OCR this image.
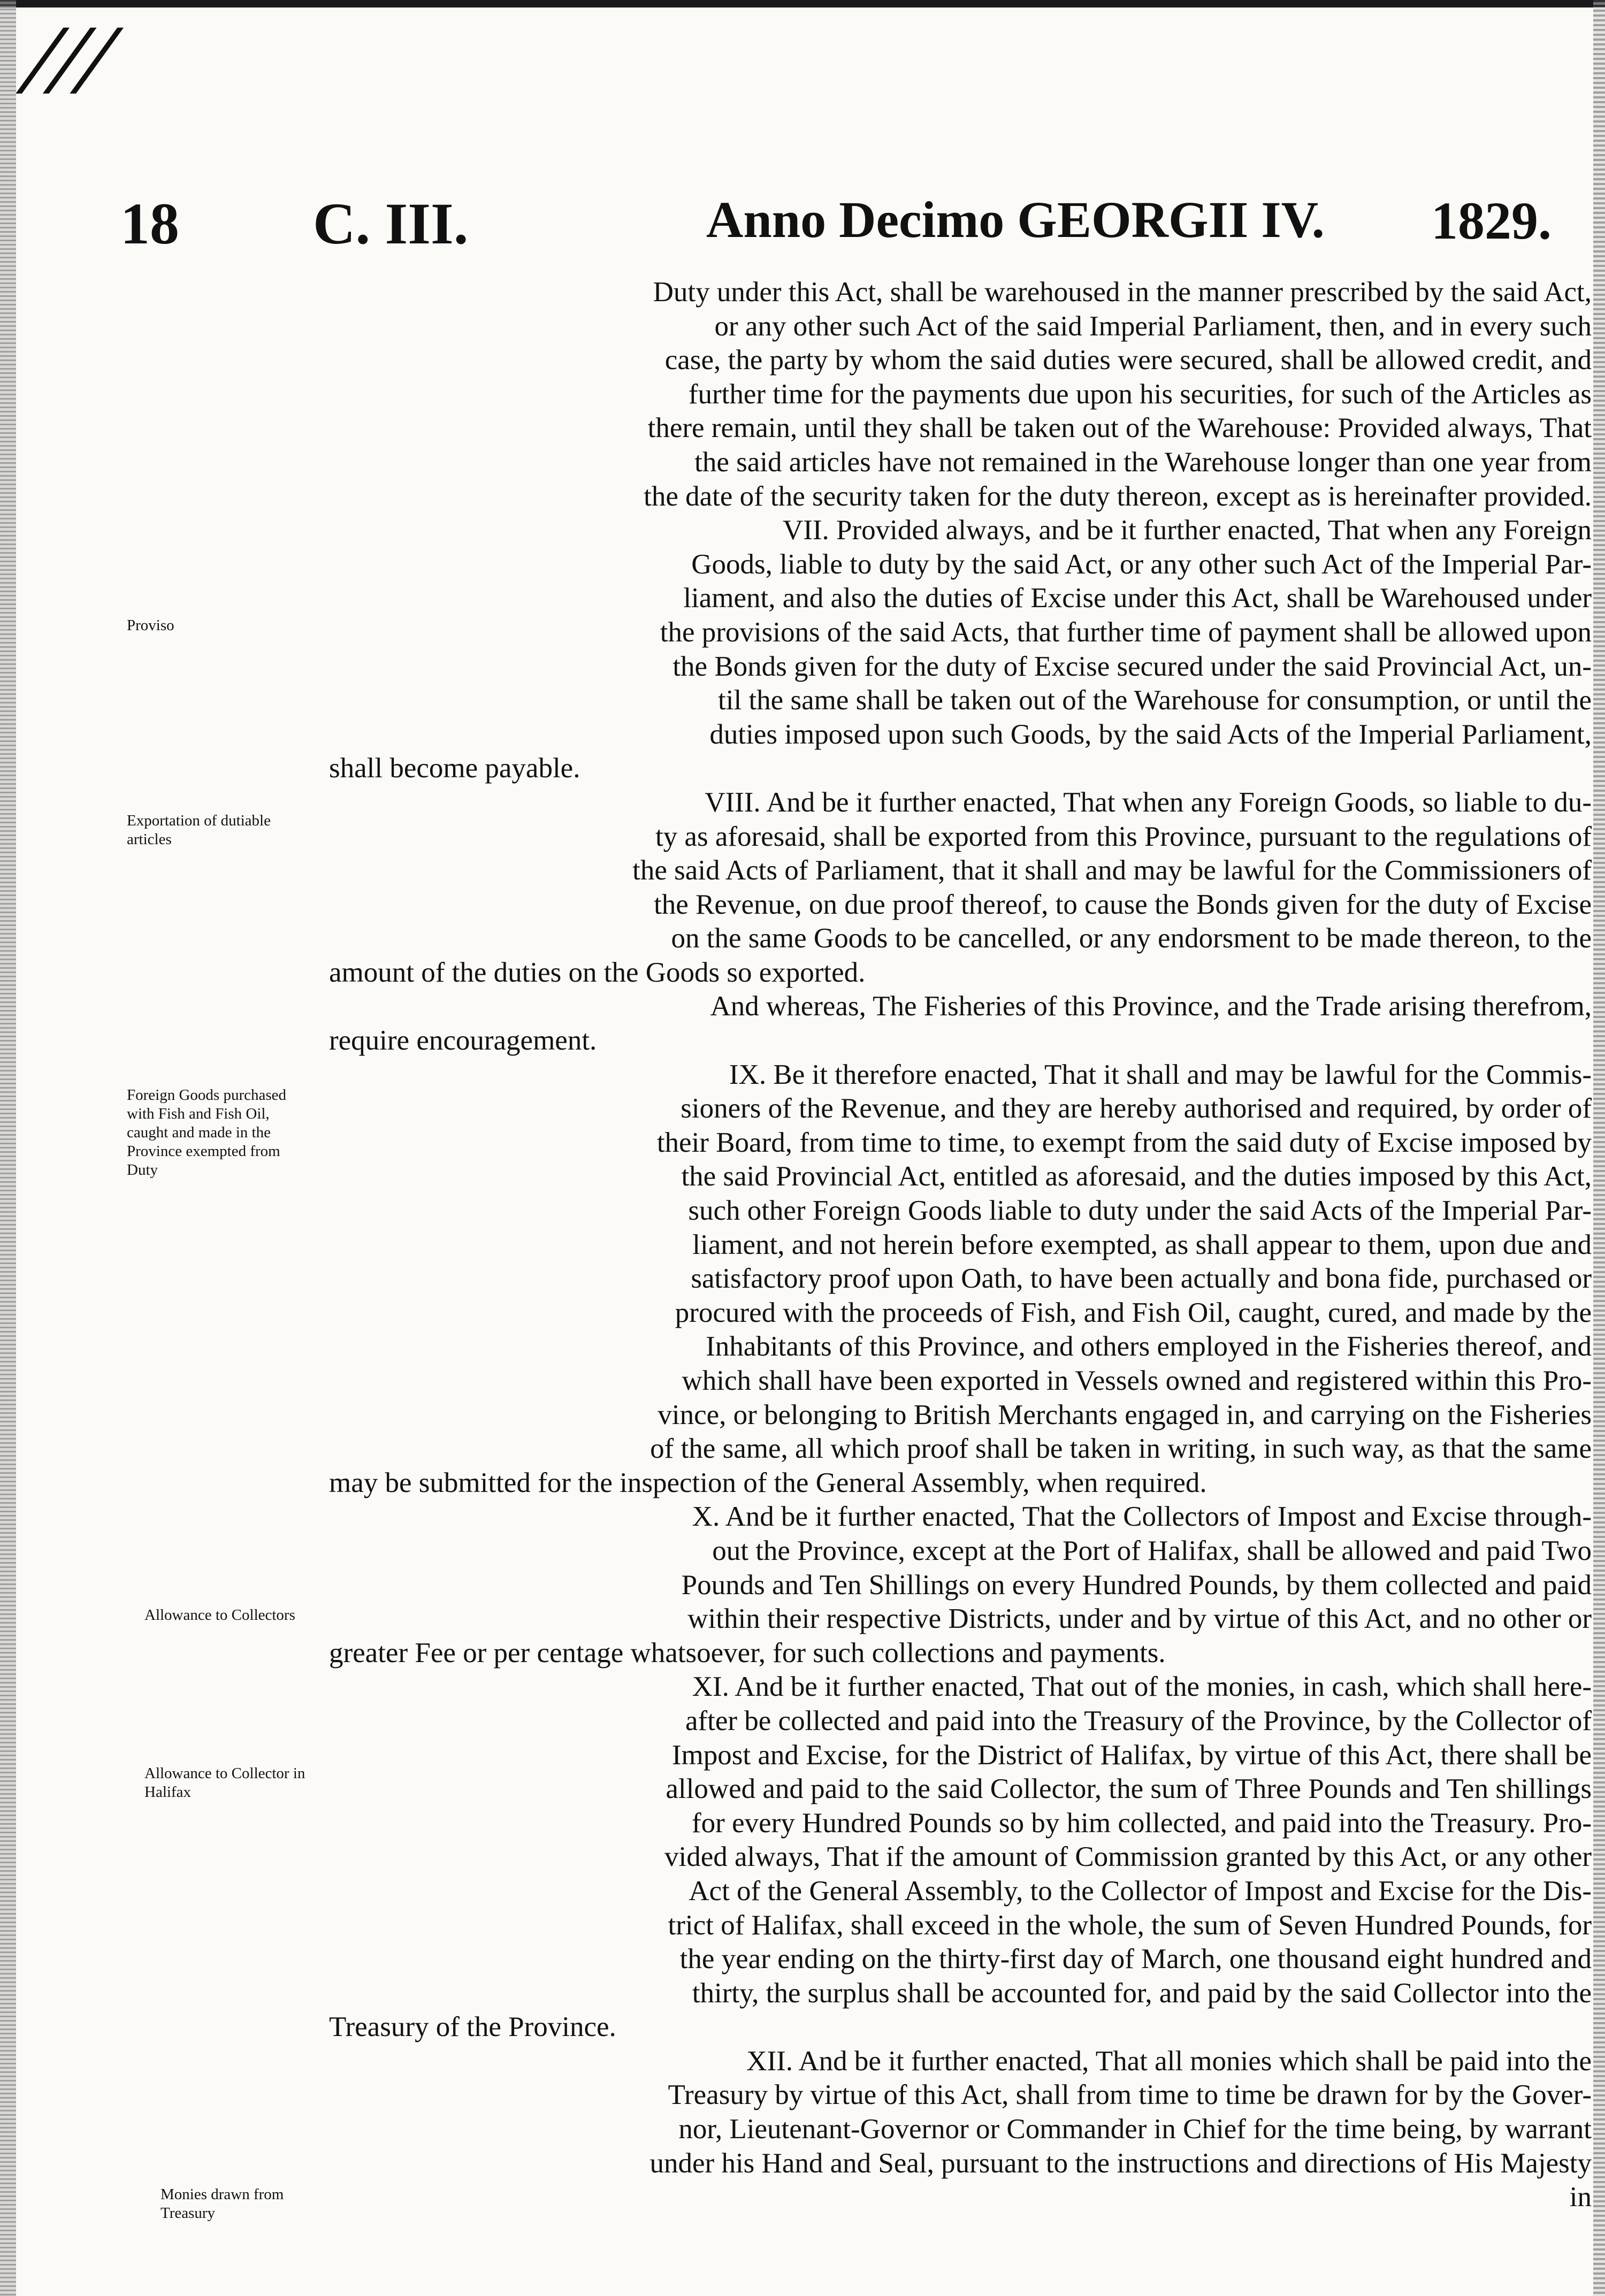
///
18 C. III.	Anno Decimo GEORGII IV. 1829.
Proviso
Exportation of dutiable articles
Foreign Goods purchased with Fish and Fish Oil, caught and made in the Province exempted from Duty
Allowance to Collectors
Allowance to Collector in Halifax
Monies drawn from Treasury
Duty under this Act, shall be warehoused in the manner prescribed by the said Act,
or any other such Act of the said Imperial Parliament, then, and in every such
case, the party by whom the said duties were secured, shall be allowed credit, and
further time for the payments due upon his securities, for such of the Articles as
there remain, until they shall be taken out of the Warehouse: Provided always, That
the said articles have not remained in the Warehouse longer than one year from
the date of the security taken for the duty thereon, except as is hereinafter provided.
VII. Provided always, and be it further enacted, That when any Foreign
Goods, liable to duty by the said Act, or any other such Act of the Imperial Par-
liament, and also the duties of Excise under this Act, shall be Warehoused under
the provisions of the said Acts, that further time of payment shall be allowed upon
the Bonds given for the duty of Excise secured under the said Provincial Act, un-
til the same shall be taken out of the Warehouse for consumption, or until the
duties imposed upon such Goods, by the said Acts of the Imperial Parliament,
shall become payable.
VIII. And be it further enacted, That when any Foreign Goods, so liable to du-
ty as aforesaid, shall be exported from this Province, pursuant to the regulations of
the said Acts of Parliament, that it shall and may be lawful for the Commissioners of
the Revenue, on due proof thereof, to cause the Bonds given for the duty of Excise
on the same Goods to be cancelled, or any endorsment to be made thereon, to the
amount of the duties on the Goods so exported.
And whereas, The Fisheries of this Province, and the Trade arising therefrom,
require encouragement.
IX. Be it therefore enacted, That it shall and may be lawful for the Commis-
sioners of the Revenue, and they are hereby authorised and required, by order of
their Board, from time to time, to exempt from the said duty of Excise imposed by
the said Provincial Act, entitled as aforesaid, and the duties imposed by this Act,
such other Foreign Goods liable to duty under the said Acts of the Imperial Par-
liament, and not herein before exempted, as shall appear to them, upon due and
satisfactory proof upon Oath, to have been actually and bona fide, purchased or
procured with the proceeds of Fish, and Fish Oil, caught, cured, and made by the
Inhabitants of this Province, and others employed in the Fisheries thereof, and
which shall have been exported in Vessels owned and registered within this Pro-
vince, or belonging to British Merchants engaged in, and carrying on the Fisheries
of the same, all which proof shall be taken in writing, in such way, as that the same
may be submitted for the inspection of the General Assembly, when required.
X. And be it further enacted, That the Collectors of Impost and Excise through-
out the Province, except at the Port of Halifax, shall be allowed and paid Two
Pounds and Ten Shillings on every Hundred Pounds, by them collected and paid
within their respective Districts, under and by virtue of this Act, and no other or
greater Fee or per centage whatsoever, for such collections and payments.
XI. And be it further enacted, That out of the monies, in cash, which shall here-
after be collected and paid into the Treasury of the Province, by the Collector of
Impost and Excise, for the District of Halifax, by virtue of this Act, there shall be
allowed and paid to the said Collector, the sum of Three Pounds and Ten shillings
for every Hundred Pounds so by him collected, and paid into the Treasury. Pro-
vided always, That if the amount of Commission granted by this Act, or any other
Act of the General Assembly, to the Collector of Impost and Excise for the Dis-
trict of Halifax, shall exceed in the whole, the sum of Seven Hundred Pounds, for
the year ending on the thirty-first day of March, one thousand eight hundred and
thirty, the surplus shall be accounted for, and paid by the said Collector into the
Treasury of the Province.
XII. And be it further enacted, That all monies which shall be paid into the
Treasury by virtue of this Act, shall from time to time be drawn for by the Gover-
nor, Lieutenant-Governor or Commander in Chief for the time being, by warrant
under his Hand and Seal, pursuant to the instructions and directions of His Majesty
in
